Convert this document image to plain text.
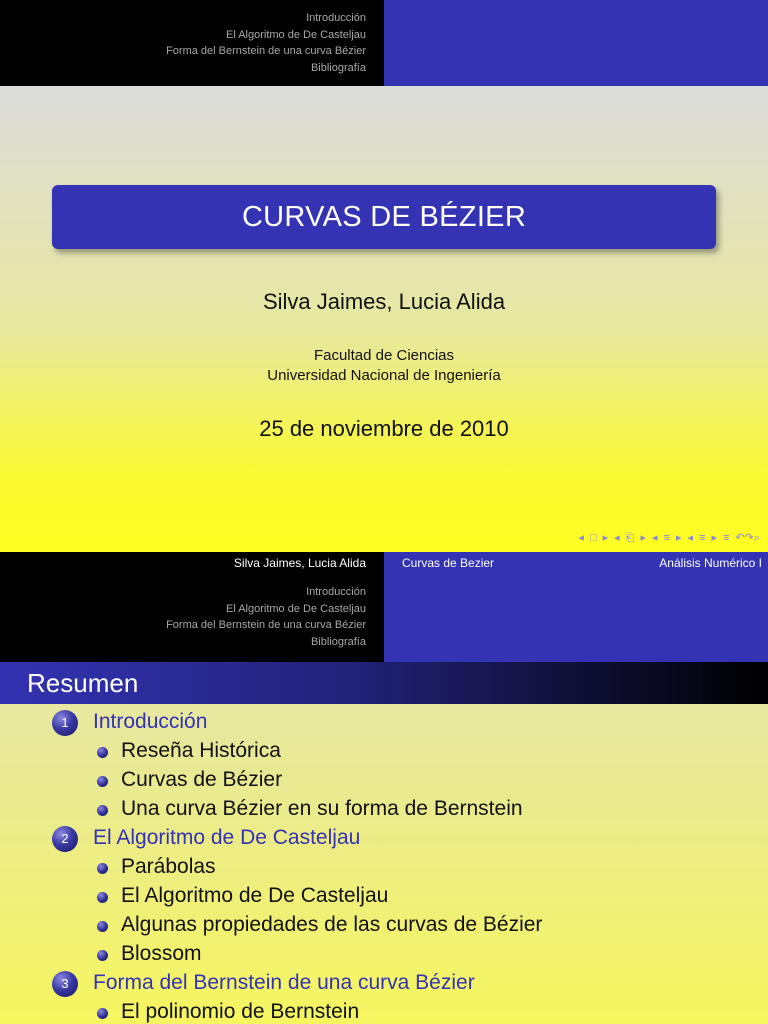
Introducción
El Algoritmo de De Casteljau
Forma del Bernstein de una curva Bézier
Bibliografía
CURVAS DE BÉZIER
Silva Jaimes, Lucia Alida
Facultad de Ciencias
Universidad Nacional de Ingeniería
25 de noviembre de 2010
◂ □ ▸ ◂ ⎗ ▸ ◂ ≡ ▸ ◂ ≡ ▸ ≡ ↶↷⌕
Silva Jaimes, Lucia Alida	Curvas de Bezier	Análisis Numérico I
Introducción
El Algoritmo de De Casteljau
Forma del Bernstein de una curva Bézier
Bibliografía
Resumen
1	Introducción
Reseña Histórica
Curvas de Bézier
Una curva Bézier en su forma de Bernstein
2	El Algoritmo de De Casteljau
Parábolas
El Algoritmo de De Casteljau
Algunas propiedades de las curvas de Bézier
Blossom
3	Forma del Bernstein de una curva Bézier
El polinomio de Bernstein
